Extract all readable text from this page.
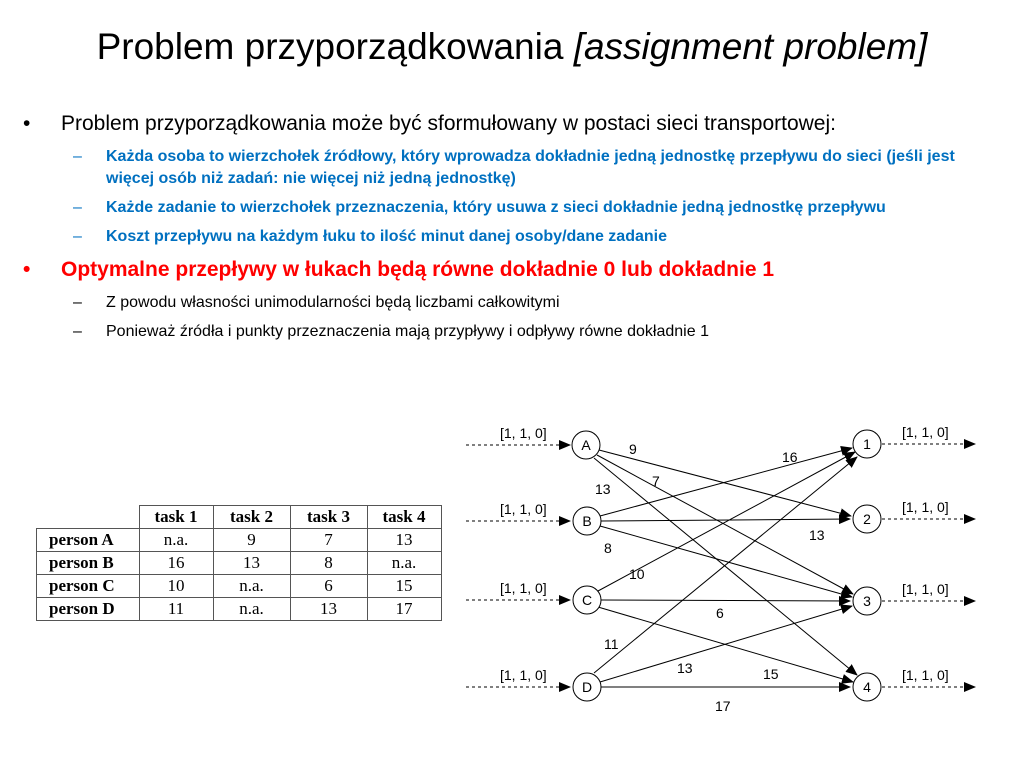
Problem przyporządkowania [assignment problem]
• Problem przyporządkowania może być sformułowany w postaci sieci transportowej:
– Każda osoba to wierzchołek źródłowy, który wprowadza dokładnie jedną jednostkę przepływu do sieci (jeśli jest więcej osób niż zadań: nie więcej niż jedną jednostkę)
– Każde zadanie to wierzchołek przeznaczenia, który usuwa z sieci dokładnie jedną jednostkę przepływu
– Koszt przepływu na każdym łuku to ilość minut danej osoby/dane zadanie
• Optymalne przepływy w łukach będą równe dokładnie 0 lub dokładnie 1
– Z powodu własności unimodularności będą liczbami całkowitymi
– Ponieważ źródła i punkty przeznaczenia mają przypływy i odpływy równe dokładnie 1
	task 1	task 2	task 3	task 4
person A	n.a.	9	7	13
person B	16	13	8	n.a.
person C	10	n.a.	6	15
person D	11	n.a.	13	17
9
7
13
16
13
8
10
6
15
11
13
17
A
B
C
D
1
2
3
4
[1, 1, 0]
[1, 1, 0]
[1, 1, 0]
[1, 1, 0]
[1, 1, 0]
[1, 1, 0]
[1, 1, 0]
[1, 1, 0]
